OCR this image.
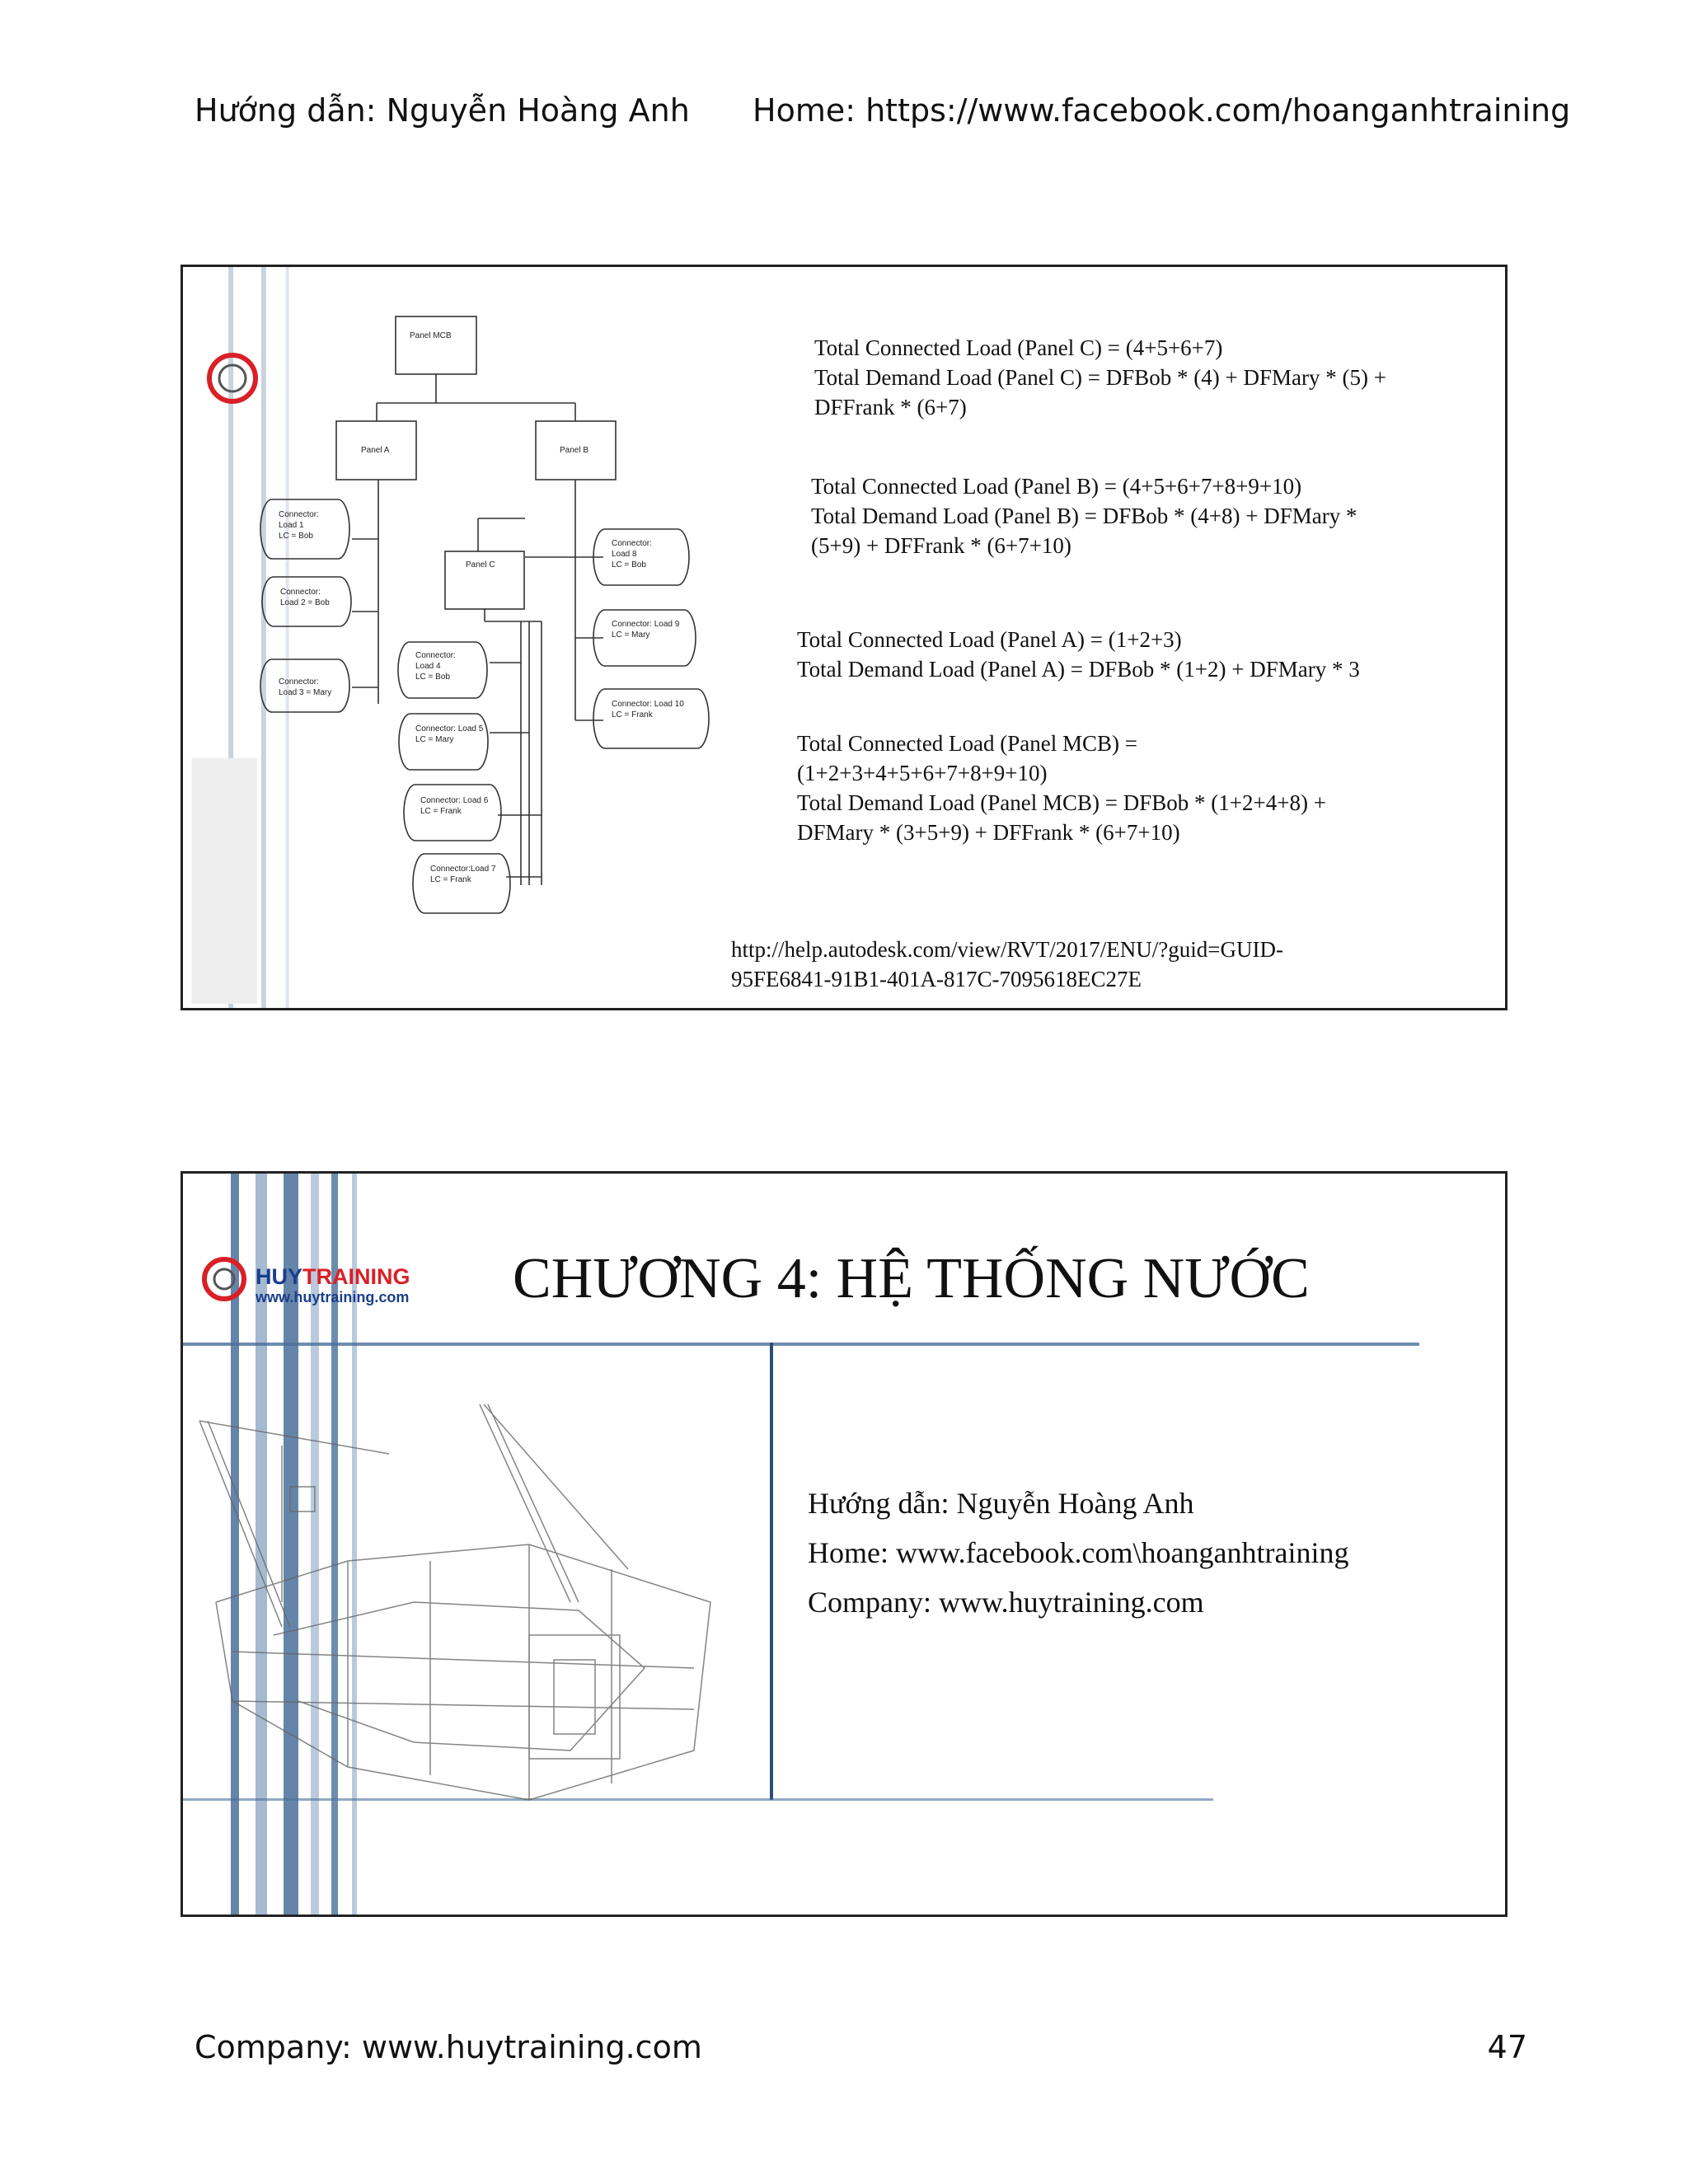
Hướng dẫn: Nguyễn Hoàng Anh Home: https://www.facebook.com/hoanganhtraining
Panel MCB
Panel A	Panel B
Panel C
Connector:
Load 1
LC = Bob
Connector:
Load 2 = Bob
Connector:
Load 3 = Mary
Connector:
Load 4
LC = Bob
Connector: Load 5
LC = Mary
Connector: Load 6
LC = Frank
Connector:Load 7
LC = Frank
Connector:
Load 8
LC = Bob
Connector: Load 9
LC = Mary
Connector: Load 10
LC = Frank
Total Connected Load (Panel C) = (4+5+6+7)
Total Demand Load (Panel C) = DFBob * (4) + DFMary * (5) +
DFFrank * (6+7)
Total Connected Load (Panel B) = (4+5+6+7+8+9+10)
Total Demand Load (Panel B) = DFBob * (4+8) + DFMary *
(5+9) + DFFrank * (6+7+10)
Total Connected Load (Panel A) = (1+2+3)
Total Demand Load (Panel A) = DFBob * (1+2) + DFMary * 3
Total Connected Load (Panel MCB) =
(1+2+3+4+5+6+7+8+9+10)
Total Demand Load (Panel MCB) = DFBob * (1+2+4+8) +
DFMary * (3+5+9) + DFFrank * (6+7+10)
http://help.autodesk.com/view/RVT/2017/ENU/?guid=GUID-
95FE6841-91B1-401A-817C-7095618EC27E
HUYTRAINING
www.huytraining.com CHƯƠNG 4: HỆ THỐNG NƯỚC
Hướng dẫn: Nguyễn Hoàng Anh
Home: www.facebook.com\hoanganhtraining
Company: www.huytraining.com
Company: www.huytraining.com	47
